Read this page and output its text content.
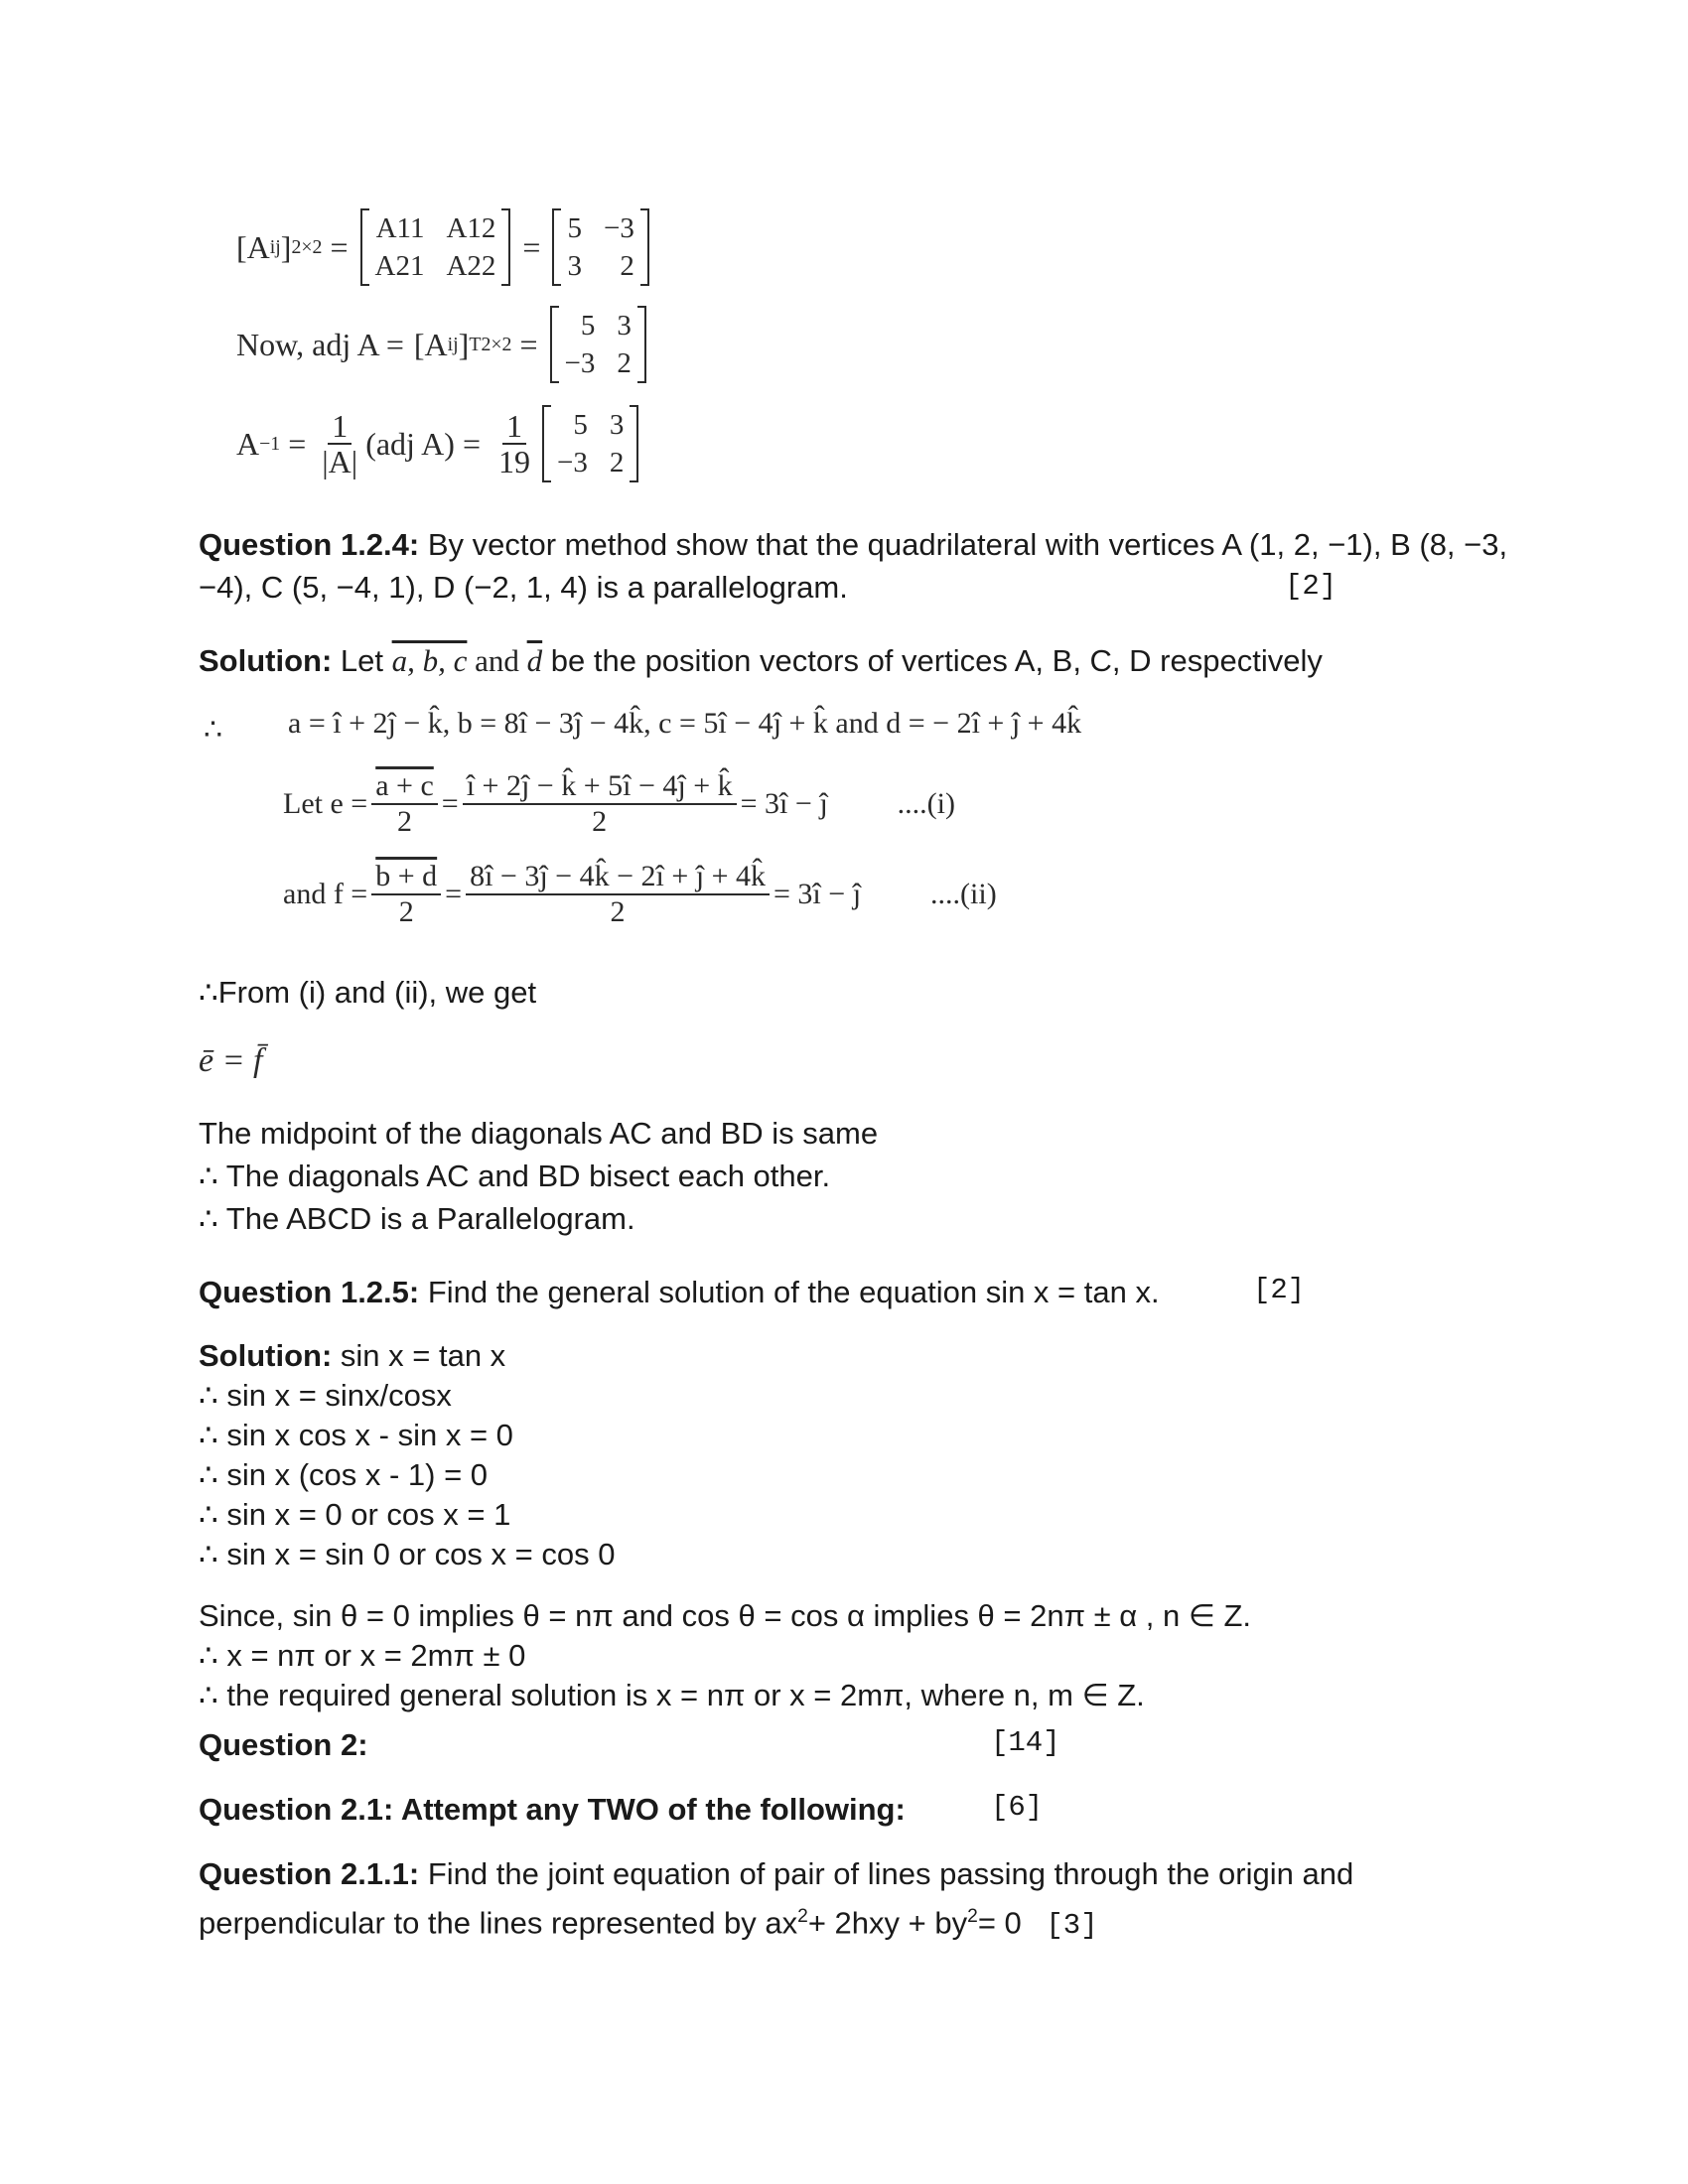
[A ij ] 2×2 =
A11 A12
A21 A22
=
5 −3
3	2
Now, adj A = [ A ij ] T 2×2 =
5 3
−3 2
$A -1 = \frac{1}{|A|} (adj$ $A) = \frac{1}{19}$	5 3
−3 2

Question 1.2.4: By vector method show that the quadrilateral with vertices A (1, 2, −1), B (8, −3, −4), C (5, −4, 1), D (−2, 1, 4) is a parallelogram.	[2]

Solution: Let a, b, c and $\overline{d}$ be the position vectors of vertices A, B, C, D respectively

∴ a = î + 2ĵ − k̂, b = 8î − 3ĵ − 4k̂, c = 5î − 4ĵ + k̂ and d = − 2î + ĵ + 4k̂
Let $e = \frac{a + c}{2} = \frac{î + 2ĵ - k̂ + 5î - 4ĵ + k̂}{2}$ = 3î − ĵ ....(i)
and $f = \frac{b + d}{2} = \frac{8î - 3ĵ - 4k̂ - 2î + ĵ + 4k̂}{2}$ = 3î − ĵ ....(ii)

∴From (i) and (ii), we get

ē = f̄

The midpoint of the diagonals AC and BD is same

∴ The diagonals AC and BD bisect each other.

∴ The ABCD is a Parallelogram.

Question 1.2.5: Find the general solution of the equation sin x = tan x.	[2]

Solution: sin x = tan x

∴ sin x = sinx/cosx

∴ sin x cos x - sin x = 0

∴ sin x (cos x - 1) = 0

∴ sin x = 0 or cos x = 1

∴ sin x = sin 0 or cos x = cos 0

Since, sin θ = 0 implies θ = nπ and cos θ = cos α implies θ = 2nπ ± α , n ∈ Z.

∴ x = nπ or x = 2mπ ± 0

∴ the required general solution is x = nπ or x = 2mπ, where n, m ∈ Z.

Question 2:	[14]

Question 2.1: Attempt any TWO of the following:	[6]

Question 2.1.1: Find the joint equation of pair of lines passing through the origin and

perpendicular to the lines represented by $ax^2+ 2hxy + by^2= 0$ [3]
